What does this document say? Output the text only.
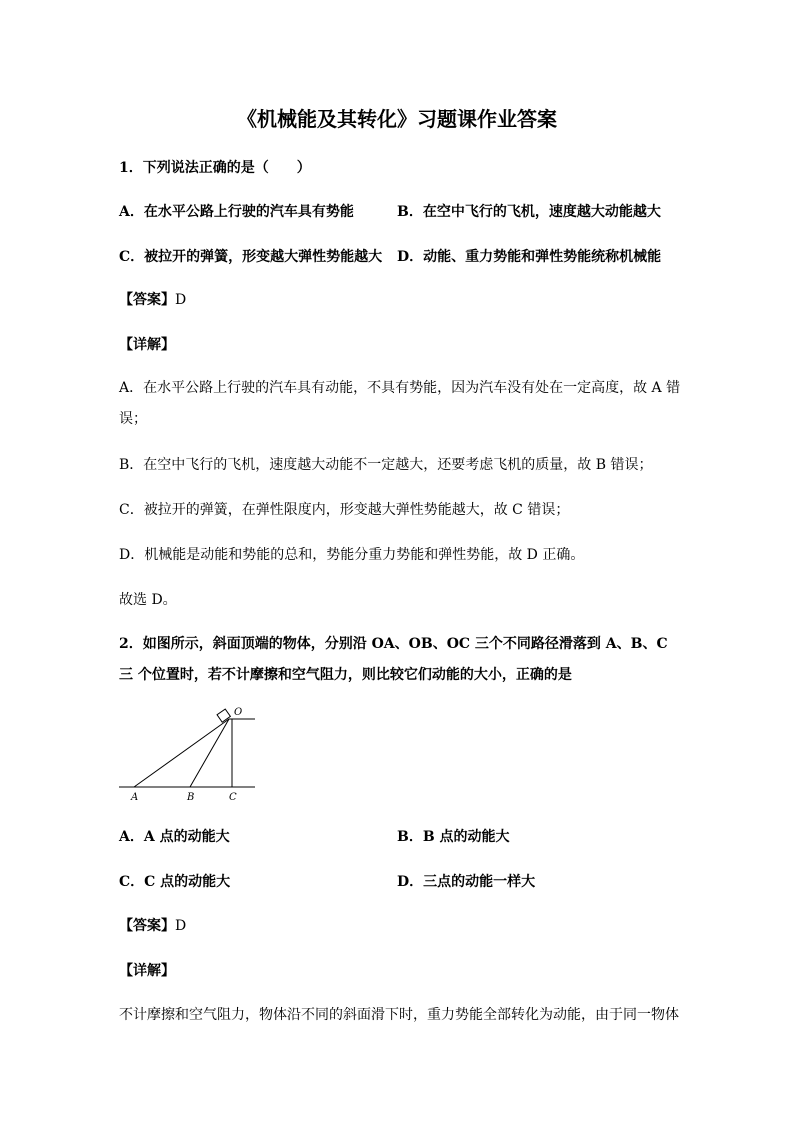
《机械能及其转化》习题课作业答案
1．下列说法正确的是（　　）
A．在水平公路上行驶的汽车具有势能	B．在空中飞行的飞机，速度越大动能越大
C．被拉开的弹簧，形变越大弹性势能越大 D．动能、重力势能和弹性势能统称机械能
【答案】D
【详解】
A．在水平公路上行驶的汽车具有动能，不具有势能，因为汽车没有处在一定高度，故 A 错
误；
B．在空中飞行的飞机，速度越大动能不一定越大，还要考虑飞机的质量，故 B 错误；
C．被拉开的弹簧，在弹性限度内，形变越大弹性势能越大，故 C 错误；
D．机械能是动能和势能的总和，势能分重力势能和弹性势能，故 D 正确。
故选 D。
2．如图所示，斜面顶端的物体，分别沿 OA、OB、OC 三个不同路径滑落到 A、B、C
三 个位置时，若不计摩擦和空气阻力，则比较它们动能的大小，正确的是
O
A	B	C
A．A 点的动能大	B．B 点的动能大
C．C 点的动能大	D．三点的动能一样大
【答案】D
【详解】
不计摩擦和空气阻力，物体沿不同的斜面滑下时，重力势能全部转化为动能，由于同一物体
